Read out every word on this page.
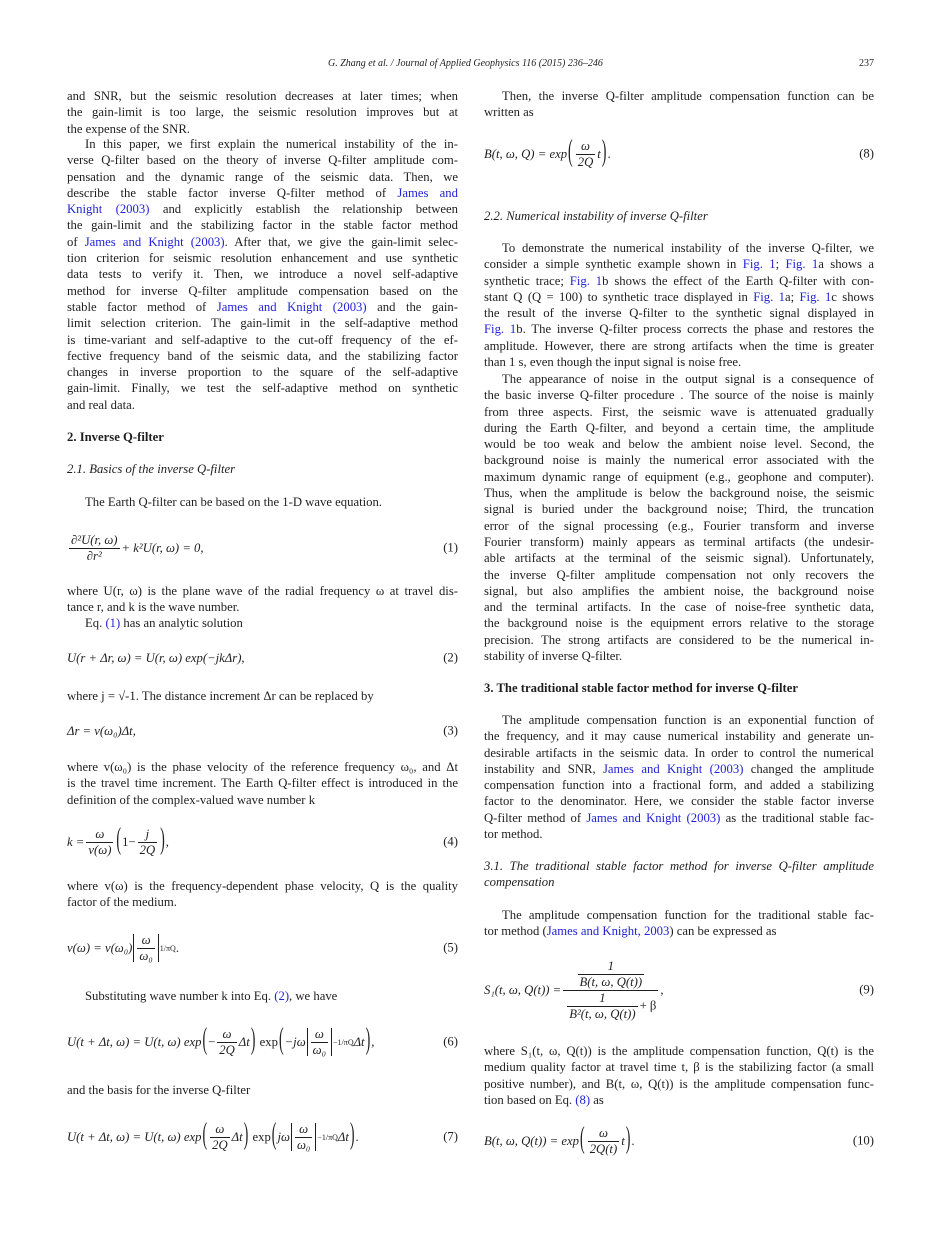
G. Zhang et al. / Journal of Applied Geophysics 116 (2015) 236–246	237
and SNR, but the seismic resolution decreases at later times; when
the gain-limit is too large, the seismic resolution improves but at
the expense of the SNR.
In this paper, we first explain the numerical instability of the in-
verse Q-filter based on the theory of inverse Q-filter amplitude com-
pensation and the dynamic range of the seismic data. Then, we
describe the stable factor inverse Q-filter method of James and
Knight (2003) and explicitly establish the relationship between
the gain-limit and the stabilizing factor in the stable factor method
of James and Knight (2003). After that, we give the gain-limit selec-
tion criterion for seismic resolution enhancement and use synthetic
data tests to verify it. Then, we introduce a novel self-adaptive
method for inverse Q-filter amplitude compensation based on the
stable factor method of James and Knight (2003) and the gain-
limit selection criterion. The gain-limit in the self-adaptive method
is time-variant and self-adaptive to the cut-off frequency of the ef-
fective frequency band of the seismic data, and the stabilizing factor
changes in inverse proportion to the square of the self-adaptive
gain-limit. Finally, we test the self-adaptive method on synthetic
and real data.
2. Inverse Q-filter
2.1. Basics of the inverse Q-filter
The Earth Q-filter can be based on the 1-D wave equation.
$\frac{\text{∂²U(r, ω)}}{\text{∂r²}} + k^2U(r$, ω) = 0,	(1)
where U(r, ω) is the plane wave of the radial frequency ω at travel dis-
tance r, and k is the wave number.
Eq. (1) has an analytic solution
U(r + Δr, ω) = U(r, ω) exp(−jkΔr),	(2)
where j = √-1. The distance increment Δr can be replaced by
Δr = v(ω₀)Δt,	(3)
where v(ω₀) is the phase velocity of the reference frequency ω₀, and Δt
is the travel time increment. The Earth Q-filter effect is introduced in the
definition of the complex-valued wave number k
$k = \frac{\omega}{v(\omega)}$ ( $1- \frac{j}{2Q}$ ) ,	(4)
where v(ω) is the frequency-dependent phase velocity, Q is the quality
factor of the medium.
$v(\omega) = v(\omega_0) \frac{\omega}{\text{ω₀}} 1/\pi Q$ .	(5)
Substituting wave number k into Eq. (2), we have
U(t + Δt, ω) = U(t, ω) exp ( − $\frac{\omega}{2Q}$ Δt )
exp ( $-j\omega \frac{\omega}{\text{ω₀}} -1/\pi Q$ Δt ) ,	(6)
and the basis for the inverse Q-filter
U(t + Δt, ω) = U(t, ω) exp ( $\frac{\omega}{2Q}$ Δt )
exp ( jω $\frac{\omega}{\text{ω₀}} -1/\pi Q$ Δt ) .	(7)
Then, the inverse Q-filter amplitude compensation function can be
written as
B(t, ω, Q) = exp ( $\frac{\omega}{2Q}$ t ) .	(8)
2.2. Numerical instability of inverse Q-filter
To demonstrate the numerical instability of the inverse Q-filter, we
consider a simple synthetic example shown in Fig. 1; Fig. 1a shows a
synthetic trace; Fig. 1b shows the effect of the Earth Q-filter with con-
stant Q (Q = 100) to synthetic trace displayed in Fig. 1a; Fig. 1c shows
the result of the inverse Q-filter to the synthetic signal displayed in
Fig. 1b. The inverse Q-filter process corrects the phase and restores the
amplitude. However, there are strong artifacts when the time is greater
than 1 s, even though the input signal is noise free.
The appearance of noise in the output signal is a consequence of
the basic inverse Q-filter procedure . The source of the noise is mainly
from three aspects. First, the seismic wave is attenuated gradually
during the Earth Q-filter, and beyond a certain time, the amplitude
would be too weak and below the ambient noise level. Second, the
background noise is mainly the numerical error associated with the
maximum dynamic range of equipment (e.g., geophone and computer).
Thus, when the amplitude is below the background noise, the seismic
signal is buried under the background noise; Third, the truncation
error of the signal processing (e.g., Fourier transform and inverse
Fourier transform) mainly appears as terminal artifacts (the undesir-
able artifacts at the terminal of the seismic signal). Unfortunately,
the inverse Q-filter amplitude compensation not only recovers the
signal, but also amplifies the ambient noise, the background noise
and the terminal artifacts. In the case of noise-free synthetic data,
the background noise is the equipment errors relative to the storage
precision. The strong artifacts are considered to be the numerical in-
stability of inverse Q-filter.
3. The traditional stable factor method for inverse Q-filter
The amplitude compensation function is an exponential function of
the frequency, and it may cause numerical instability and generate un-
desirable artifacts in the seismic data. In order to control the numerical
instability and SNR, James and Knight (2003) changed the amplitude
compensation function into a fractional form, and added a stabilizing
factor to the denominator. Here, we consider the stable factor inverse
Q-filter method of James and Knight (2003) as the traditional stable fac-
tor method.
3.1. The traditional stable factor method for inverse Q-filter amplitude
compensation
The amplitude compensation function for the traditional stable fac-
tor method (James and Knight, 2003) can be expressed as
S₁(t, ω, $Q(t)) = \frac{\frac{1}{B(t, \omega, Q(t))}}{\frac{1}{\text{B²(t, ω, Q(t))}} + \beta}$ ,	(9)
where S₁(t, ω, Q(t)) is the amplitude compensation function, Q(t) is the
medium quality factor at travel time t, β is the stabilizing factor (a small
positive number), and B(t, ω, Q(t)) is the amplitude compensation func-
tion based on Eq. (8) as
B(t, ω, Q(t)) = exp ( $\frac{\omega}{2Q(t)}$ t ) .	(10)
